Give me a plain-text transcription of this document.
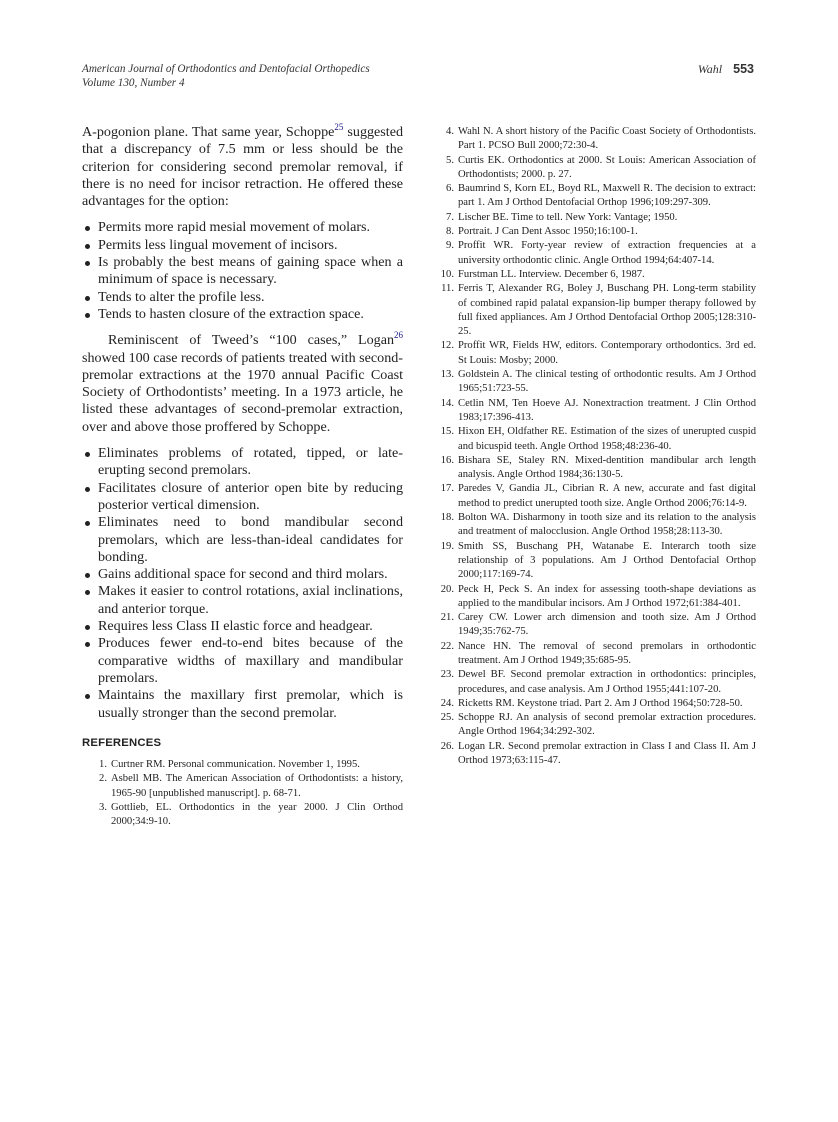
American Journal of Orthodontics and Dentofacial Orthopedics
Volume 130, Number 4
Wahl 553

A-pogonion plane. That same year, Schoppe$^{25}$ suggested that a discrepancy of 7.5 mm or less should be the criterion for considering second premolar removal, if there is no need for incisor retraction. He offered these advantages for the option:

Permits more rapid mesial movement of molars.
Permits less lingual movement of incisors.
Is probably the best means of gaining space when a minimum of space is necessary.
Tends to alter the profile less.
Tends to hasten closure of the extraction space.

Reminiscent of Tweed’s “100 cases,” Logan$^{26}$ showed 100 case records of patients treated with second-premolar extractions at the 1970 annual Pacific Coast Society of Orthodontists’ meeting. In a 1973 article, he listed these advantages of second-premolar extraction, over and above those proffered by Schoppe.

Eliminates problems of rotated, tipped, or late-erupting second premolars.
Facilitates closure of anterior open bite by reducing posterior vertical dimension.
Eliminates need to bond mandibular second premolars, which are less-than-ideal candidates for bonding.
Gains additional space for second and third molars.
Makes it easier to control rotations, axial inclinations, and anterior torque.
Requires less Class II elastic force and headgear.
Produces fewer end-to-end bites because of the comparative widths of maxillary and mandibular premolars.
Maintains the maxillary first premolar, which is usually stronger than the second premolar.
REFERENCES
1. Curtner RM. Personal communication. November 1, 1995.
2. Asbell MB. The American Association of Orthodontists: a history, 1965-90 [unpublished manuscript]. p. 68-71.
3. Gottlieb, EL. Orthodontics in the year 2000. J Clin Orthod 2000;34:9-10.
4. Wahl N. A short history of the Pacific Coast Society of Orthodontists. Part 1. PCSO Bull 2000;72:30-4.
5. Curtis EK. Orthodontics at 2000. St Louis: American Association of Orthodontists; 2000. p. 27.
6. Baumrind S, Korn EL, Boyd RL, Maxwell R. The decision to extract: part 1. Am J Orthod Dentofacial Orthop 1996;109:297-309.
7. Lischer BE. Time to tell. New York: Vantage; 1950.
8. Portrait. J Can Dent Assoc 1950;16:100-1.
9. Proffit WR. Forty-year review of extraction frequencies at a university orthodontic clinic. Angle Orthod 1994;64:407-14.
10. Furstman LL. Interview. December 6, 1987.
11. Ferris T, Alexander RG, Boley J, Buschang PH. Long-term stability of combined rapid palatal expansion-lip bumper therapy followed by full fixed appliances. Am J Orthod Dentofacial Orthop 2005;128:310-25.
12. Proffit WR, Fields HW, editors. Contemporary orthodontics. 3rd ed. St Louis: Mosby; 2000.
13. Goldstein A. The clinical testing of orthodontic results. Am J Orthod 1965;51:723-55.
14. Cetlin NM, Ten Hoeve AJ. Nonextraction treatment. J Clin Orthod 1983;17:396-413.
15. Hixon EH, Oldfather RE. Estimation of the sizes of unerupted cuspid and bicuspid teeth. Angle Orthod 1958;48:236-40.
16. Bishara SE, Staley RN. Mixed-dentition mandibular arch length analysis. Angle Orthod 1984;36:130-5.
17. Paredes V, Gandia JL, Cibrian R. A new, accurate and fast digital method to predict unerupted tooth size. Angle Orthod 2006;76:14-9.
18. Bolton WA. Disharmony in tooth size and its relation to the analysis and treatment of malocclusion. Angle Orthod 1958;28:113-30.
19. Smith SS, Buschang PH, Watanabe E. Interarch tooth size relationship of 3 populations. Am J Orthod Dentofacial Orthop 2000;117:169-74.
20. Peck H, Peck S. An index for assessing tooth-shape deviations as applied to the mandibular incisors. Am J Orthod 1972;61:384-401.
21. Carey CW. Lower arch dimension and tooth size. Am J Orthod 1949;35:762-75.
22. Nance HN. The removal of second premolars in orthodontic treatment. Am J Orthod 1949;35:685-95.
23. Dewel BF. Second premolar extraction in orthodontics: principles, procedures, and case analysis. Am J Orthod 1955;441:107-20.
24. Ricketts RM. Keystone triad. Part 2. Am J Orthod 1964;50:728-50.
25. Schoppe RJ. An analysis of second premolar extraction procedures. Angle Orthod 1964;34:292-302.
26. Logan LR. Second premolar extraction in Class I and Class II. Am J Orthod 1973;63:115-47.
